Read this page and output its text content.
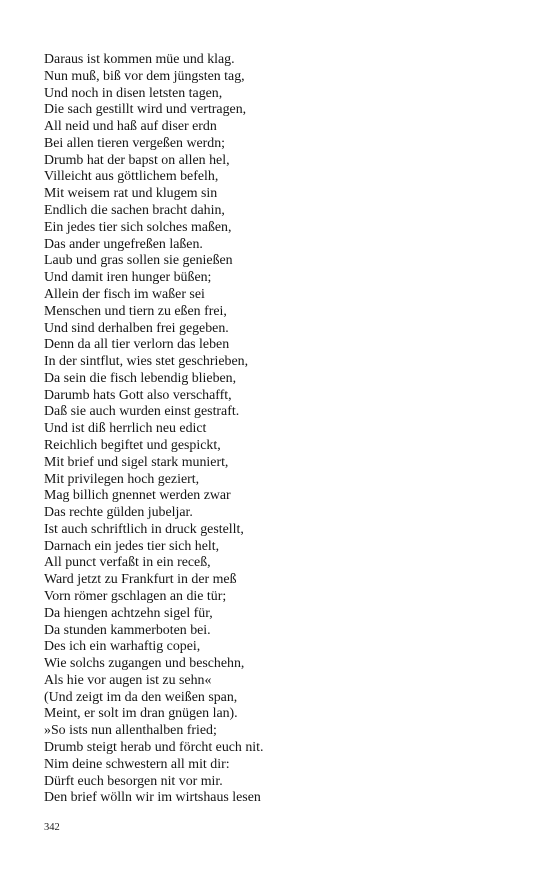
Daraus ist kommen müe und klag.
Nun muß, biß vor dem jüngsten tag,
Und noch in disen letsten tagen,
Die sach gestillt wird und vertragen,
All neid und haß auf diser erdn
Bei allen tieren vergeßen werdn;
Drumb hat der bapst on allen hel,
Villeicht aus göttlichem befelh,
Mit weisem rat und klugem sin
Endlich die sachen bracht dahin,
Ein jedes tier sich solches maßen,
Das ander ungefreßen laßen.
Laub und gras sollen sie genießen
Und damit iren hunger büßen;
Allein der fisch im waßer sei
Menschen und tiern zu eßen frei,
Und sind derhalben frei gegeben.
Denn da all tier verlorn das leben
In der sintflut, wies stet geschrieben,
Da sein die fisch lebendig blieben,
Darumb hats Gott also verschafft,
Daß sie auch wurden einst gestraft.
Und ist diß herrlich neu edict
Reichlich begiftet und gespickt,
Mit brief und sigel stark muniert,
Mit privilegen hoch geziert,
Mag billich gnennet werden zwar
Das rechte gülden jubeljar.
Ist auch schriftlich in druck gestellt,
Darnach ein jedes tier sich helt,
All punct verfaßt in ein receß,
Ward jetzt zu Frankfurt in der meß
Vorn römer gschlagen an die tür;
Da hiengen achtzehn sigel für,
Da stunden kammerboten bei.
Des ich ein warhaftig copei,
Wie solchs zugangen und beschehn,
Als hie vor augen ist zu sehn«
(Und zeigt im da den weißen span,
Meint, er solt im dran gnügen lan).
»So ists nun allenthalben fried;
Drumb steigt herab und förcht euch nit.
Nim deine schwestern all mit dir:
Dürft euch besorgen nit vor mir.
Den brief wölln wir im wirtshaus lesen
342
